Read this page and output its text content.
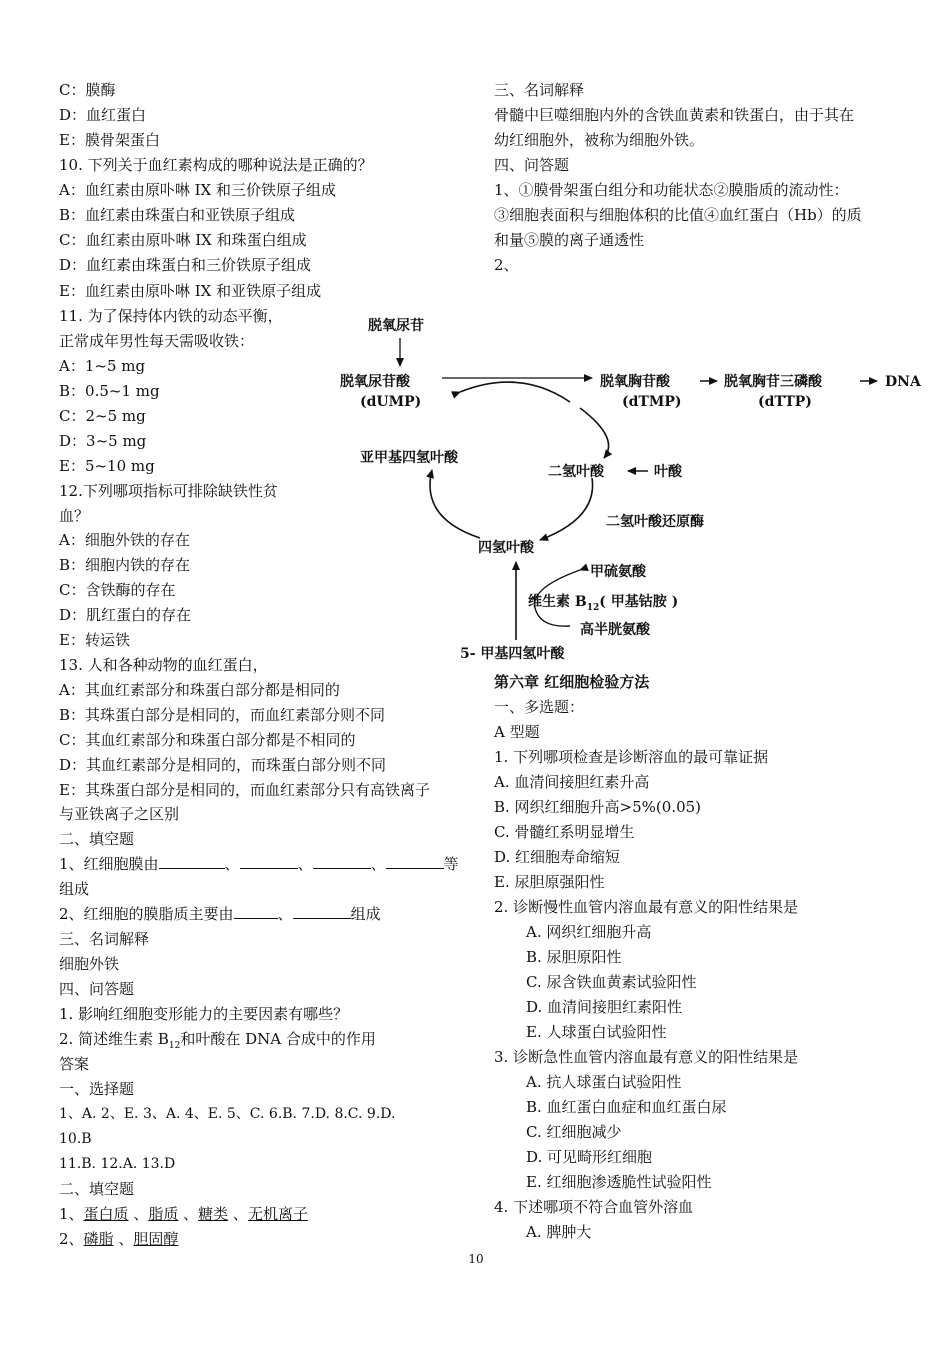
C：膜酶
D：血红蛋白
E：膜骨架蛋白
10. 下列关于血红素构成的哪种说法是正确的？
A：血红素由原卟啉 IX 和三价铁原子组成
B：血红素由珠蛋白和亚铁原子组成
C：血红素由原卟啉 IX 和珠蛋白组成
D：血红素由珠蛋白和三价铁原子组成
E：血红素由原卟啉 IX 和亚铁原子组成
11. 为了保持体内铁的动态平衡，
正常成年男性每天需吸收铁：
A：1~5 mg
B：0.5~1 mg
C：2~5 mg
D：3~5 mg
E：5~10 mg
12.下列哪项指标可排除缺铁性贫
血？
A：细胞外铁的存在
B：细胞内铁的存在
C：含铁酶的存在
D：肌红蛋白的存在
E：转运铁
13. 人和各种动物的血红蛋白，
A：其血红素部分和珠蛋白部分都是相同的
B：其珠蛋白部分是相同的，而血红素部分则不同
C：其血红素部分和珠蛋白部分都是不相同的
D：其血红素部分是相同的，而珠蛋白部分则不同
E：其珠蛋白部分是相同的，而血红素部分只有高铁离子
与亚铁离子之区别
二、填空题
1、红细胞膜由	、	、	、	等
组成
2、红细胞的膜脂质主要由	、	组成
三、名词解释
细胞外铁
四、问答题
1. 影响红细胞变形能力的主要因素有哪些？
2. 简述维生素 $B_{12}$和叶酸在 DNA 合成中的作用
答案
一、选择题
1、A. 2、E. 3、A. 4、E. 5、C. 6.B. 7.D. 8.C. 9.D.
10.B
11.B. 12.A. 13.D
二、填空题
1、蛋白质 、脂质 、糖类 、无机离子
2、磷脂 、胆固醇
三、名词解释
骨髓中巨噬细胞内外的含铁血黄素和铁蛋白，由于其在
幼红细胞外，被称为细胞外铁。
四、问答题
1、①膜骨架蛋白组分和功能状态②膜脂质的流动性：
③细胞表面积与细胞体积的比值④血红蛋白（Hb）的质
和量⑤膜的离子通透性
2、
第六章 红细胞检验方法
一、多选题：
A 型题
1. 下列哪项检查是诊断溶血的最可靠证据
A. 血清间接胆红素升高
B. 网织红细胞升高>5%(0.05)
C. 骨髓红系明显增生
D. 红细胞寿命缩短
E. 尿胆原强阳性
2. 诊断慢性血管内溶血最有意义的阳性结果是
A. 网织红细胞升高
B. 尿胆原阳性
C. 尿含铁血黄素试验阳性
D. 血清间接胆红素阳性
E. 人球蛋白试验阳性
3. 诊断急性血管内溶血最有意义的阳性结果是
A. 抗人球蛋白试验阳性
B. 血红蛋白血症和血红蛋白尿
C. 红细胞减少
D. 可见畸形红细胞
E. 红细胞渗透脆性试验阳性
4. 下述哪项不符合血管外溶血
A. 脾肿大
脱氧尿苷
脱氧尿苷酸
(dUMP)
脱氧胸苷酸
(dTMP)
脱氧胸苷三磷酸
(dTTP)
DNA
亚甲基四氢叶酸
二氢叶酸	叶酸
二氢叶酸还原酶
四氢叶酸
甲硫氨酸
维生素 $B_{12}$( 甲基钴胺 )
高半胱氨酸
5- 甲基四氢叶酸
10
